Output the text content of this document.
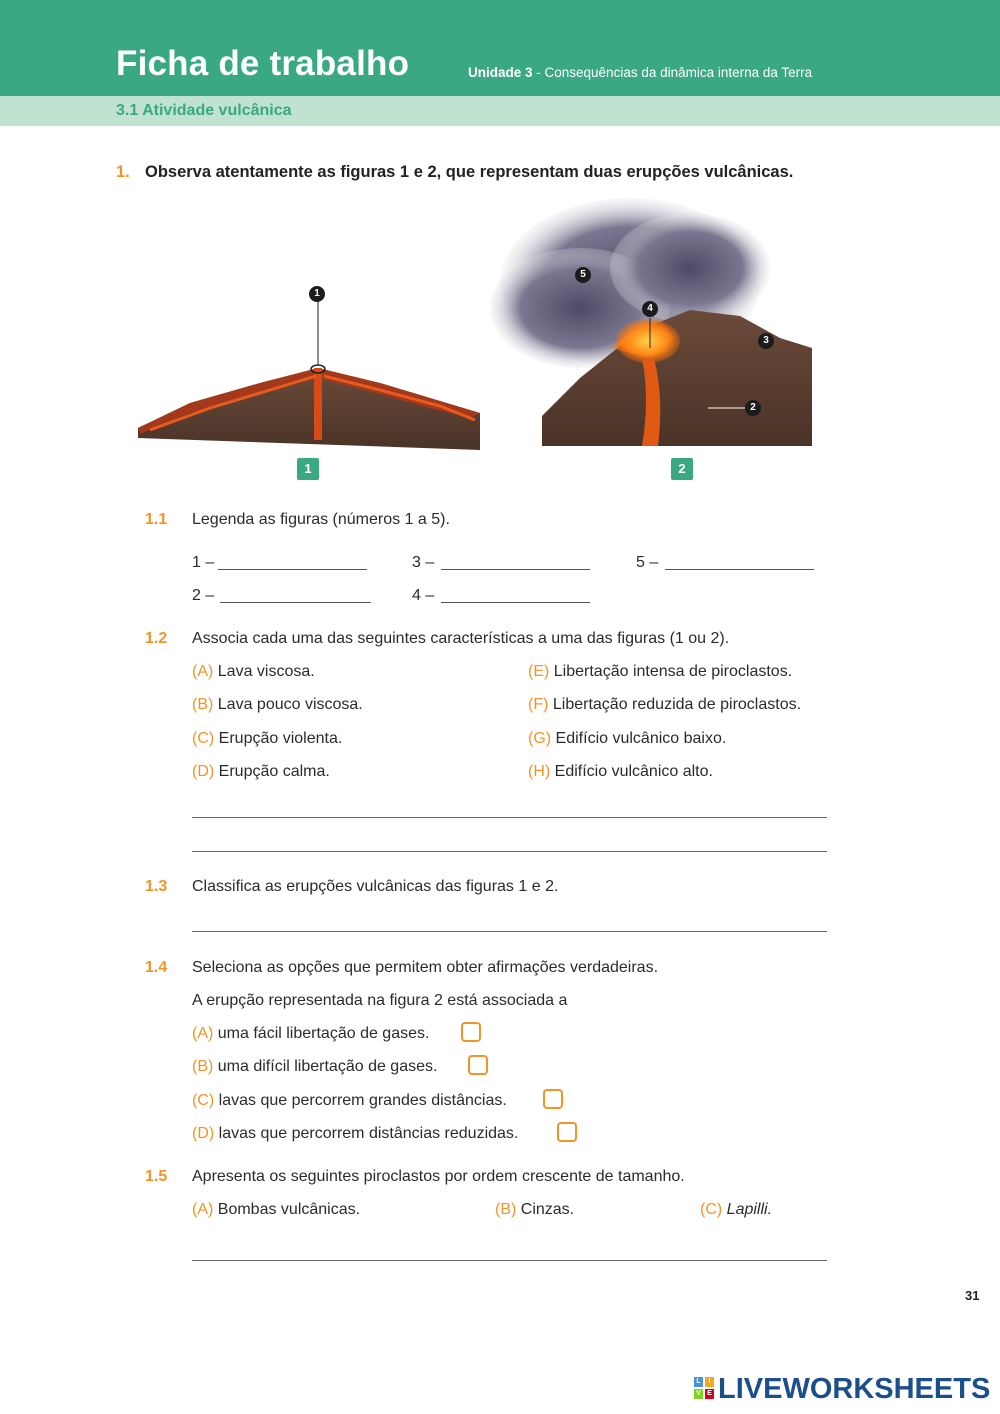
Ficha de trabalho	Unidade 3 - Consequências da dinâmica interna da Terra
3.1 Atividade vulcânica
1. Observa atentamente as figuras 1 e 2, que representam duas erupções vulcânicas.
1
2
3
4
5
1	2
1.1 Legenda as figuras (números 1 a 5).
1 –	3 –	5 –
2 –	4 –
1.2 Associa cada uma das seguintes características a uma das figuras (1 ou 2).
(A) Lava viscosa.
(B) Lava pouco viscosa.
(C) Erupção violenta.
(D) Erupção calma.
(E) Libertação intensa de piroclastos.
(F) Libertação reduzida de piroclastos.
(G) Edifício vulcânico baixo.
(H) Edifício vulcânico alto.
1.3 Classifica as erupções vulcânicas das figuras 1 e 2.
1.4 Seleciona as opções que permitem obter afirmações verdadeiras.
A erupção representada na figura 2 está associada a
(A) uma fácil libertação de gases.
(B) uma difícil libertação de gases.
(C) lavas que percorrem grandes distâncias.
(D) lavas que percorrem distâncias reduzidas.
1.5 Apresenta os seguintes piroclastos por ordem crescente de tamanho.
(A) Bombas vulcânicas.	(B) Cinzas.	(C) Lapilli.
31
L	I
V E LIVEWORKSHEETS
